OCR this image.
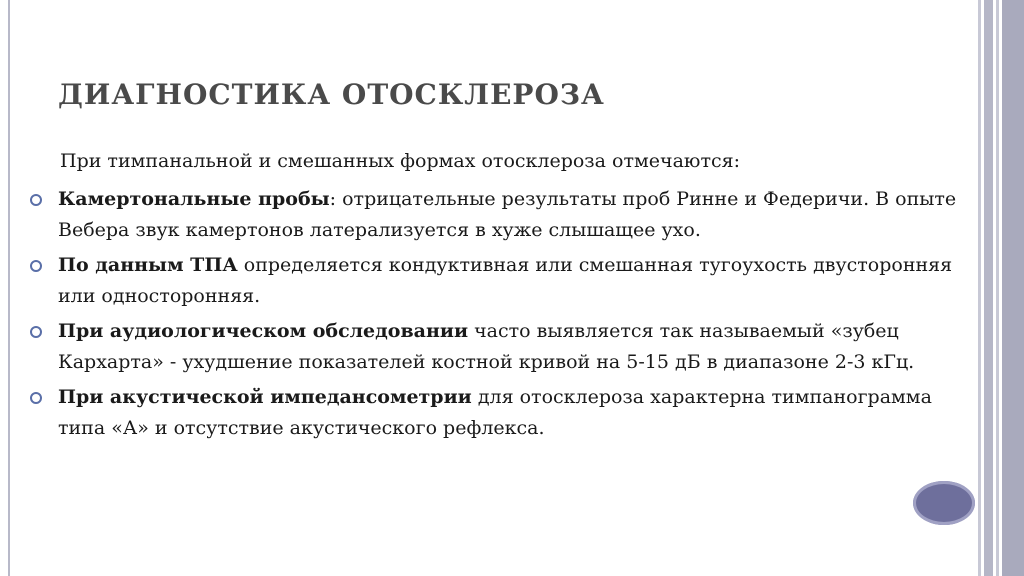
ДИАГНОСТИКА ОТОСКЛЕРОЗА
При тимпанальной и смешанных формах отосклероза отмечаются:
Камертональные пробы: отрицательные результаты проб Ринне и Федеричи. В опыте Вебера звук камертонов латерализуется в хуже слышащее ухо.
По данным ТПА определяется кондуктивная или смешанная тугоухость двусторонняя или односторонняя.
При аудиологическом обследовании часто выявляется так называемый «зубец Кархарта» - ухудшение показателей костной кривой на 5-15 дБ в диапазоне 2-3 кГц.
При акустической импедансометрии для отосклероза характерна тимпанограмма типа «А» и отсутствие акустического рефлекса.
